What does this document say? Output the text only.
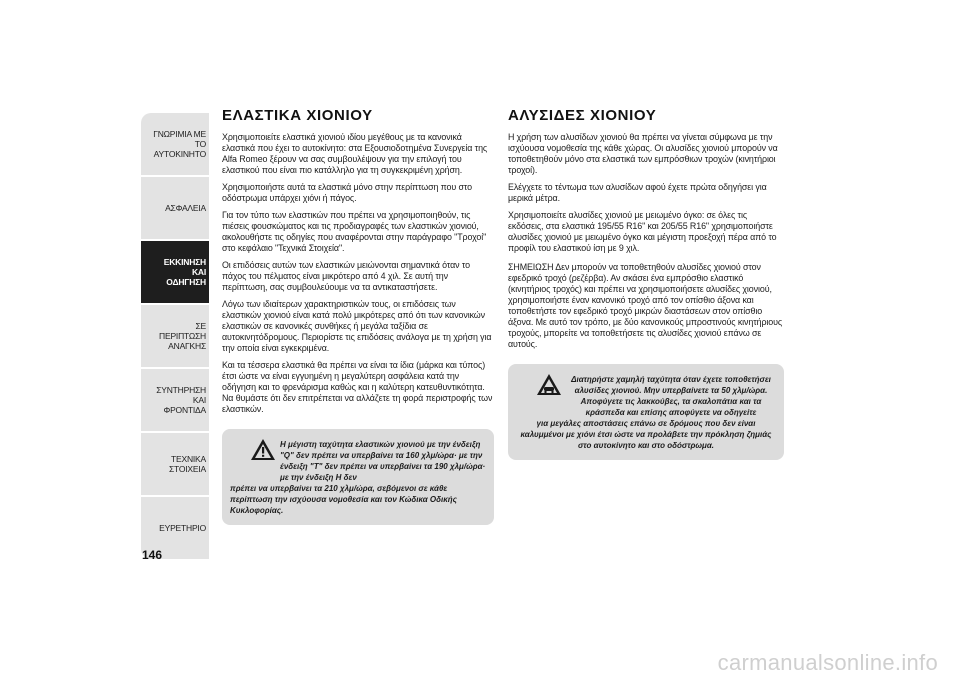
ΓΝΩΡΙΜΙΑ ΜΕ ΤΟ ΑΥΤΟΚΙΝΗΤΟ
ΑΣΦΑΛΕΙΑ
ΕΚΚΙΝΗΣΗ ΚΑΙ ΟΔΗΓΗΣΗ
ΣΕ ΠΕΡΙΠΤΩΣΗ ΑΝΑΓΚΗΣ
ΣΥΝΤΗΡΗΣΗ ΚΑΙ ΦΡΟΝΤΙΔΑ
ΤΕΧΝΙΚΑ ΣΤΟΙΧΕΙΑ
ΕΥΡΕΤΗΡΙΟ
146
ΕΛΑΣΤΙΚΑ ΧΙΟΝΙΟΥ

Χρησιμοποιείτε ελαστικά χιονιού ιδίου μεγέθους με τα κανονικά ελαστικά που έχει το αυτοκίνητο: στα Εξουσιοδοτημένα Συνεργεία της Alfa Romeo ξέρουν να σας συμβουλέψουν για την επιλογή του ελαστικού που είναι πιο κατάλληλο για τη συγκεκριμένη χρήση.

Χρησιμοποιήστε αυτά τα ελαστικά μόνο στην περίπτωση που στο οδόστρωμα υπάρχει χιόνι ή πάγος.

Για τον τύπο των ελαστικών που πρέπει να χρησιμοποιηθούν, τις πιέσεις φουσκώματος και τις προδιαγραφές των ελαστικών χιονιού, ακολουθήστε τις οδηγίες που αναφέρονται στην παράγραφο "Τροχοί" στο κεφάλαιο "Τεχνικά Στοιχεία".

Οι επιδόσεις αυτών των ελαστικών μειώνονται σημαντικά όταν το πάχος του πέλματος είναι μικρότερο από 4 χιλ. Σε αυτή την περίπτωση, σας συμβουλεύουμε να τα αντικαταστήσετε.

Λόγω των ιδιαίτερων χαρακτηριστικών τους, οι επιδόσεις των ελαστικών χιονιού είναι κατά πολύ μικρότερες από ότι των κανονικών ελαστικών σε κανονικές συνθήκες ή μεγάλα ταξίδια σε αυτοκινητόδρομους. Περιορίστε τις επιδόσεις ανάλογα με τη χρήση για την οποία είναι εγκεκριμένα.

Και τα τέσσερα ελαστικά θα πρέπει να είναι τα ίδια (μάρκα και τύπος) έτσι ώστε να είναι εγγυημένη η μεγαλύτερη ασφάλεια κατά την οδήγηση και το φρενάρισμα καθώς και η καλύτερη κατευθυντικότητα. Να θυμάστε ότι δεν επιτρέπεται να αλλάζετε τη φορά περιστροφής των ελαστικών.

Η μέγιστη ταχύτητα ελαστικών χιονιού με την ένδειξη "Q" δεν πρέπει να υπερβαίνει τα 160 χλμ/ώρα· με την ένδειξη "T" δεν πρέπει να υπερβαίνει τα 190 χλμ/ώρα· με την ένδειξη H δεν
πρέπει να υπερβαίνει τα 210 χλμ/ώρα, σεβόμενοι σε κάθε περίπτωση την ισχύουσα νομοθεσία και τον Κώδικα Οδικής Κυκλοφορίας.
ΑΛΥΣΙΔΕΣ ΧΙΟΝΙΟΥ

Η χρήση των αλυσίδων χιονιού θα πρέπει να γίνεται σύμφωνα με την ισχύουσα νομοθεσία της κάθε χώρας. Οι αλυσίδες χιονιού μπορούν να τοποθετηθούν μόνο στα ελαστικά των εμπρόσθιων τροχών (κινητήριοι τροχοί).

Ελέγχετε το τέντωμα των αλυσίδων αφού έχετε πρώτα οδηγήσει για μερικά μέτρα.

Χρησιμοποιείτε αλυσίδες χιονιού με μειωμένο όγκο: σε όλες τις εκδόσεις, στα ελαστικά 195/55 R16" και 205/55 R16" χρησιμοποιήστε αλυσίδες χιονιού με μειωμένο όγκο και μέγιστη προεξοχή πέρα από το προφίλ του ελαστικού ίση με 9 χιλ.

ΣΗΜΕΙΩΣΗ Δεν μπορούν να τοποθετηθούν αλυσίδες χιονιού στον εφεδρικό τροχό (ρεζέρβα). Αν σκάσει ένα εμπρόσθιο ελαστικό (κινητήριος τροχός) και πρέπει να χρησιμοποιήσετε αλυσίδες χιονιού, χρησιμοποιήστε έναν κανονικό τροχό από τον οπίσθιο άξονα και τοποθετήστε τον εφεδρικό τροχό μικρών διαστάσεων στον οπίσθιο άξονα. Με αυτό τον τρόπο, με δύο κανονικούς μπροστινούς κινητήριους τροχούς, μπορείτε να τοποθετήσετε τις αλυσίδες χιονιού επάνω σε αυτούς.

Διατηρήστε χαμηλή ταχύτητα όταν έχετε τοποθετήσει αλυσίδες χιονιού. Μην υπερβαίνετε τα 50 χλμ/ώρα. Αποφύγετε τις λακκούβες, τα σκαλοπάτια και τα κράσπεδα και επίσης αποφύγετε να οδηγείτε
για μεγάλες αποστάσεις επάνω σε δρόμους που δεν είναι καλυμμένοι με χιόνι έτσι ώστε να προλάβετε την πρόκληση ζημιάς στο αυτοκίνητο και στο οδόστρωμα.
carmanualsonline.info
